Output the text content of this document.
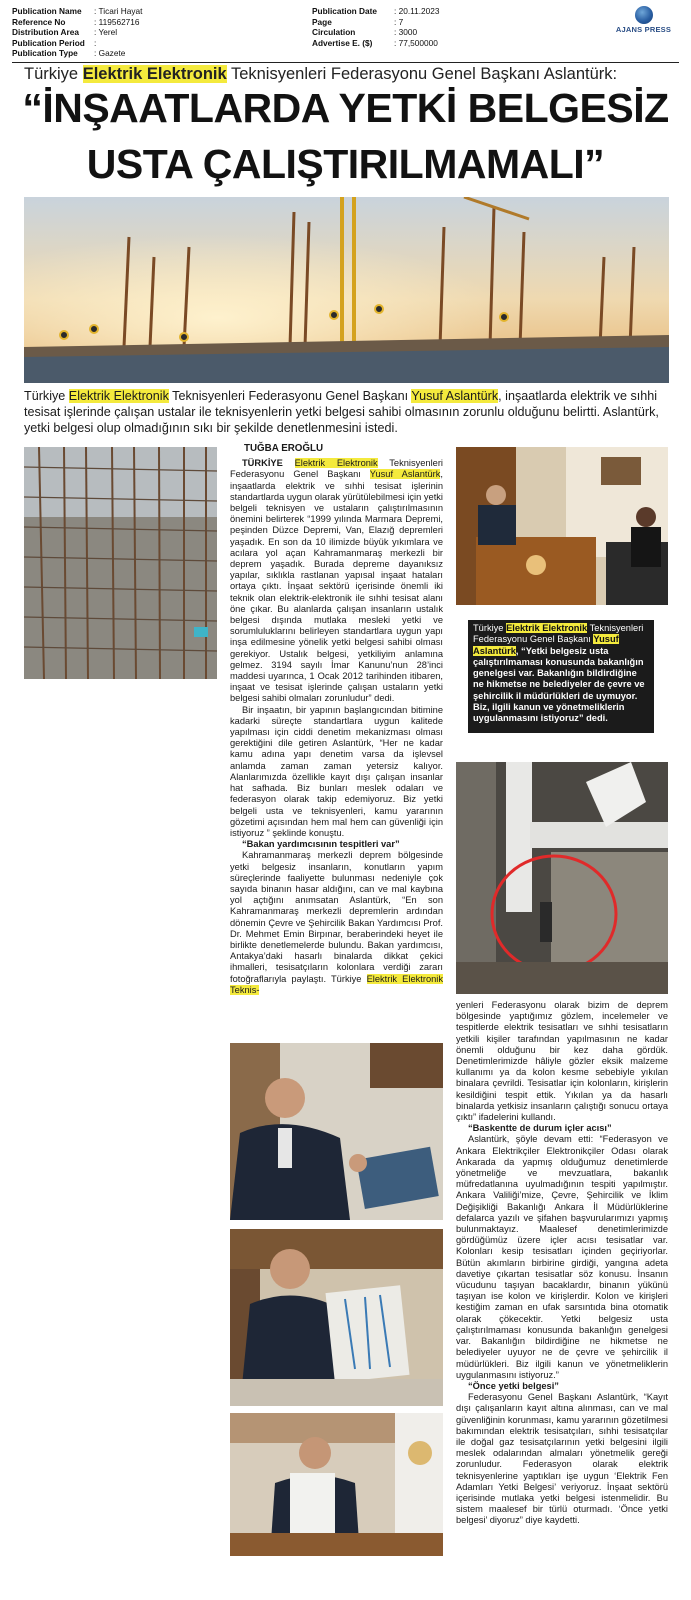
Publication Name	: Ticari Hayat
Reference No	: 119562716
Distribution Area	: Yerel
Publication Period	:
Publication Type	: Gazete
Publication Date	: 20.11.2023
Page	: 7
Circulation	: 3000
Advertise E. ($)	: 77,500000
AJANS PRESS
Türkiye Elektrik Elektronik Teknisyenleri Federasyonu Genel Başkanı Aslantürk:
“İNŞAATLARDA YETKİ BELGESİZ
USTA ÇALIŞTIRILMAMALI”
Türkiye Elektrik Elektronik Teknisyenleri Federasyonu Genel Başkanı Yusuf Aslantürk, inşaatlarda elektrik ve sıhhi tesisat işlerinde çalışan ustalar ile teknisyenlerin yetki belgesi sahibi olmasının zorunlu olduğunu belirtti. Aslantürk, yetki belgesi olup olmadığının sıkı bir şekilde denetlenmesini istedi.

TUĞBA EROĞLU

TÜRKİYE Elektrik Elektronik Teknisyenleri Federasyonu Genel Başkanı Yusuf Aslantürk, inşaatlarda elektrik ve sıhhi tesisat işlerinin standartlarda uygun olarak yürütülebilmesi için yetki belgeli teknisyen ve ustaların çalıştırılmasının önemini belirterek “1999 yılında Marmara Depremi, peşinden Düzce Depremi, Van, Elazığ depremleri yaşadık. En son da 10 ilimizde büyük yıkımlara ve acılara yol açan Kahramanmaraş merkezli bir deprem yaşadık. Burada depreme dayanıksız yapılar, sıklıkla rastlanan yapısal inşaat hataları ortaya çıktı. İnşaat sektörü içerisinde önemli iki teknik olan elektrik-elektronik ile sıhhi tesisat alanı öne çıkar. Bu alanlarda çalışan insanların ustalık belgesi dışında mutlaka mesleki yetki ve sorumluluklarını belirleyen standartlara uygun yapı inşa edilmesine yönelik yetki belgesi sahibi olması gerekiyor. Ustalık belgesi, yetkiliyim anlamına gelmez. 3194 sayılı İmar Kanunu’nun 28’inci maddesi uyarınca, 1 Ocak 2012 tarihinden itibaren, inşaat ve tesisat işlerinde çalışan ustaların yetki belgesi sahibi olmaları zorunludur” dedi.

Bir inşaatın, bir yapının başlangıcından bitimine kadarki süreçte standartlara uygun kalitede yapılması için ciddi denetim mekanizması olması gerektiğini dile getiren Aslantürk, “Her ne kadar kamu adına yapı denetim varsa da işlevsel anlamda zaman zaman yetersiz kalıyor. Alanlarımızda özellikle kayıt dışı çalışan insanlar hat safhada. Biz bunları meslek odaları ve federasyon olarak takip edemiyoruz. Biz yetki belgeli usta ve teknisyenleri, kamu yararının gözetimi açısından hem mal hem can güvenliği için istiyoruz ” şeklinde konuştu.

“Bakan yardımcısının tespitleri var”

Kahramanmaraş merkezli deprem bölgesinde yetki belgesiz insanların, konutların yapım süreçlerinde faaliyette bulunması nedeniyle çok sayıda binanın hasar aldığını, can ve mal kaybına yol açtığını anımsatan Aslantürk, “En son Kahramanmaraş merkezli depremlerin ardından dönemin Çevre ve Şehircilik Bakan Yardımcısı Prof. Dr. Mehmet Emin Birpınar, beraberindeki heyet ile birlikte denetlemelerde bulundu. Bakan yardımcısı, Antakya’daki hasarlı binalarda dikkat çekici ihmalleri, tesisatçıların kolonlara verdiği zararı fotoğraflarıyla paylaştı. Türkiye Elektrik Elektronik Teknis-

Türkiye Elektrik Elektronik Teknisyenleri Federasyonu Genel Başkanı Yusuf Aslantürk, “Yetki belgesiz usta çalıştırılmaması konusunda bakanlığın genelgesi var. Bakanlığın bildirdiğine ne hikmetse ne belediyeler de çevre ve şehircilik il müdürlükleri de uymuyor. Biz, ilgili kanun ve yönetmeliklerin uygulanmasını istiyoruz” dedi.

yenleri Federasyonu olarak bizim de deprem bölgesinde yaptığımız gözlem, incelemeler ve tespitlerde elektrik tesisatları ve sıhhi tesisatların yetkili kişiler tarafından yapılmasının ne kadar önemli olduğunu bir kez daha gördük. Denetimlerimizde hâliyle gözler eksik malzeme kullanımı ya da kolon kesme sebebiyle yıkılan binalara çevrildi. Tesisatlar için kolonların, kirişlerin kesildiğini tespit ettik. Yıkılan ya da hasarlı binalarda yetkisiz insanların çalıştığı sonucu ortaya çıktı” ifadelerini kullandı.

“Baskentte de durum içler acısı”

Aslantürk, şöyle devam etti: “Federasyon ve Ankara Elektrikçiler Elektronikçiler Odası olarak Ankarada da yapmış olduğumuz denetimlerde yönetmeliğe ve mevzuatlara, bakanlık müfredatlanına uyulmadığının tespiti yapılmıştır. Ankara Valiliği’mize, Çevre, Şehircilik ve İklim Değişikliği Bakanlığı Ankara İl Müdürlüklerine defalarca yazılı ve şifahen başvurularımızı yapmış bulunmaktayız. Maalesef denetimlerimizde gördüğümüz üzere içler acısı tesisatlar var. Kolonları kesip tesisatları içinden geçiriyorlar. Bütün akımların birbirine girdiği, yangına adeta davetiye çıkartan tesisatlar söz konusu. İnsanın vücudunu taşıyan bacaklardır, binanın yükünü taşıyan ise kolon ve kirişlerdir. Kolon ve kirişleri kestiğim zaman en ufak sarsıntıda bina otomatik olarak çökecektir. Yetki belgesiz usta çalıştırılmaması konusunda bakanlığın genelgesi var. Bakanlığın bildirdiğine ne hikmetse ne belediyeler uyuyor ne de çevre ve şehircilik il müdürlükleri. Biz ilgili kanun ve yönetmeliklerin uygulanmasını istiyoruz.”

“Önce yetki belgesi”

Federasyonu Genel Başkanı Aslantürk, “Kayıt dışı çalışanların kayıt altına alınması, can ve mal güvenliğinin korunması, kamu yararının gözetilmesi bakımından elektrik tesisatçıları, sıhhi tesisatçılar ile doğal gaz tesisatçılarının yetki belgesini ilgili meslek odalarından almaları yönetmelik gereği zorunludur. Federasyon olarak elektrik teknisyenlerine yaptıkları işe uygun ‘Elektrik Fen Adamları Yetki Belgesi’ veriyoruz. İnşaat sektörü içerisinde mutlaka yetki belgesi istenmelidir. Bu sistem maalesef bir türlü oturmadı. ‘Önce yetki belgesi’ diyoruz” diye kaydetti.
